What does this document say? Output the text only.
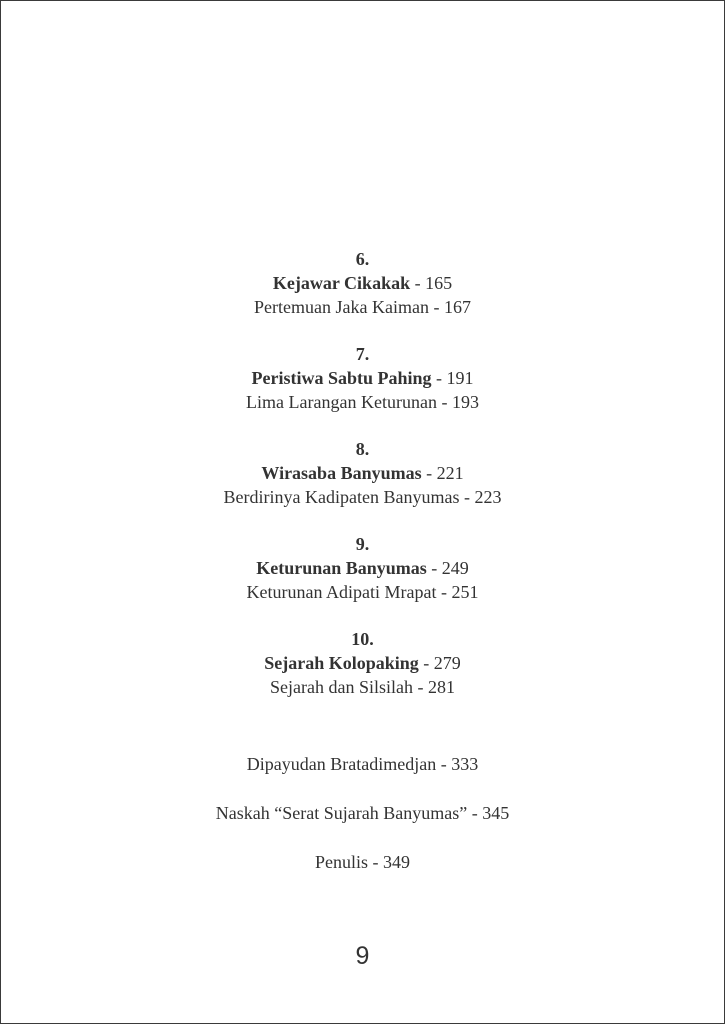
6.
Kejawar Cikakak - 165
Pertemuan Jaka Kaiman - 167
7.
Peristiwa Sabtu Pahing - 191
Lima Larangan Keturunan - 193
8.
Wirasaba Banyumas - 221
Berdirinya Kadipaten Banyumas - 223
9.
Keturunan Banyumas - 249
Keturunan Adipati Mrapat - 251
10.
Sejarah Kolopaking - 279
Sejarah dan Silsilah - 281
Dipayudan Bratadimedjan - 333
Naskah “Serat Sujarah Banyumas” - 345
Penulis - 349
9
